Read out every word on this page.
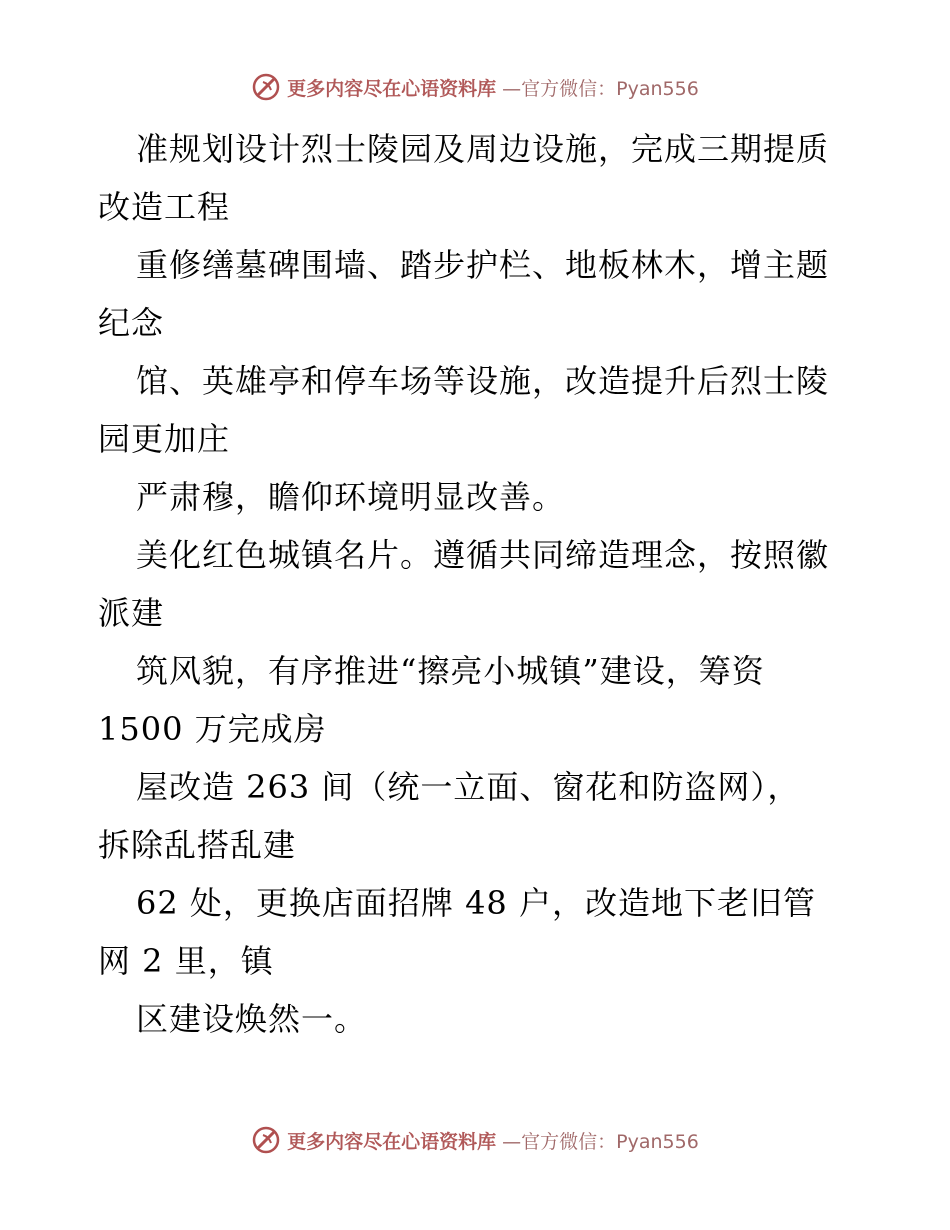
更多内容尽在心语资料库 —官方微信：Pyan556
准规划设计烈士陵园及周边设施，完成三期提质
改造工程
重修缮墓碑围墙、踏步护栏、地板林木，增主题
纪念
馆、英雄亭和停车场等设施，改造提升后烈士陵
园更加庄
严肃穆，瞻仰环境明显改善。
美化红色城镇名片。遵循共同缔造理念，按照徽
派建
筑风貌，有序推进“擦亮小城镇”建设，筹资
1500 万完成房
屋改造 263 间（统一立面、窗花和防盗网），
拆除乱搭乱建
62 处，更换店面招牌 48 户，改造地下老旧管
网 2 里，镇
区建设焕然一。
更多内容尽在心语资料库 —官方微信：Pyan556
